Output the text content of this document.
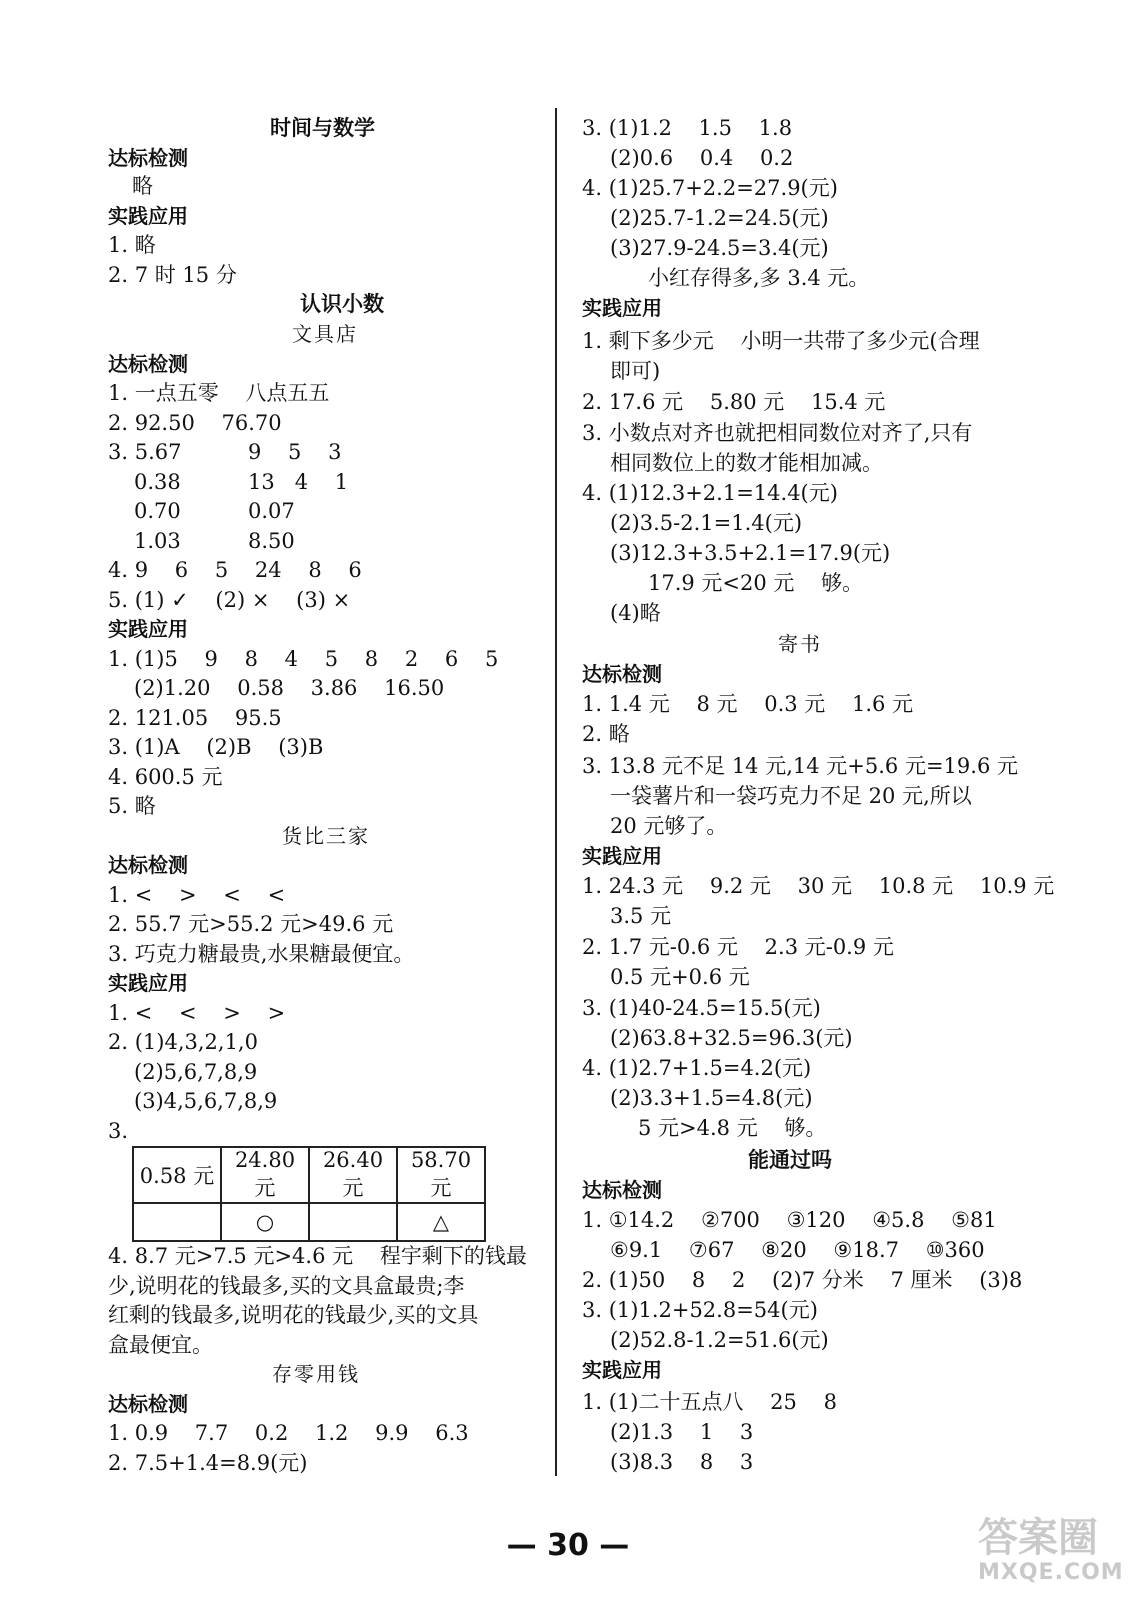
时间与数学
达标检测
略
实践应用
1. 略
2. 7 时 15 分
认识小数
文具店
达标检测
1. 一点五零    八点五五
2. 92.50    76.70
3. 5.67	9    5    3
0.38	13   4    1
0.70	0.07
1.03	8.50
4. 9    6    5    24    8    6
5. (1) ✓    (2) ×    (3) ×
实践应用
1. (1)5    9    8    4    5    8    2    6    5
(2)1.20    0.58    3.86    16.50
2. 121.05    95.5
3. (1)A    (2)B    (3)B
4. 600.5 元
5. 略
货比三家
达标检测
1. <    >    <    <
2. 55.7 元>55.2 元>49.6 元
3. 巧克力糖最贵,水果糖最便宜。
实践应用
1. <    <    >    >
2. (1)4,3,2,1,0
(2)5,6,7,8,9
(3)4,5,6,7,8,9
3.
0.58 元	24.80 元	26.40 元	58.70 元
	○		△
4. 8.7 元>7.5 元>4.6 元    程宇剩下的钱最
少,说明花的钱最多,买的文具盒最贵;李
红剩的钱最多,说明花的钱最少,买的文具
盒最便宜。
存零用钱
达标检测
1. 0.9    7.7    0.2    1.2    9.9    6.3
2. 7.5+1.4=8.9(元)
3. (1)1.2    1.5    1.8
(2)0.6    0.4    0.2
4. (1)25.7+2.2=27.9(元)
(2)25.7-1.2=24.5(元)
(3)27.9-24.5=3.4(元)
小红存得多,多 3.4 元。
实践应用
1. 剩下多少元    小明一共带了多少元(合理
即可)
2. 17.6 元    5.80 元    15.4 元
3. 小数点对齐也就把相同数位对齐了,只有
相同数位上的数才能相加减。
4. (1)12.3+2.1=14.4(元)
(2)3.5-2.1=1.4(元)
(3)12.3+3.5+2.1=17.9(元)
17.9 元<20 元    够。
(4)略
寄书
达标检测
1. 1.4 元    8 元    0.3 元    1.6 元
2. 略
3. 13.8 元不足 14 元,14 元+5.6 元=19.6 元
一袋薯片和一袋巧克力不足 20 元,所以
20 元够了。
实践应用
1. 24.3 元    9.2 元    30 元    10.8 元    10.9 元
3.5 元
2. 1.7 元-0.6 元    2.3 元-0.9 元
0.5 元+0.6 元
3. (1)40-24.5=15.5(元)
(2)63.8+32.5=96.3(元)
4. (1)2.7+1.5=4.2(元)
(2)3.3+1.5=4.8(元)
5 元>4.8 元    够。
能通过吗
达标检测
1. ①14.2    ②700    ③120    ④5.8    ⑤81
⑥9.1    ⑦67    ⑧20    ⑨18.7    ⑩360
2. (1)50    8    2    (2)7 分米    7 厘米    (3)8
3. (1)1.2+52.8=54(元)
(2)52.8-1.2=51.6(元)
实践应用
1. (1)二十五点八    25    8
(2)1.3    1    3
(3)8.3    8    3
— 30 —	答案圈
MXQE.COM
